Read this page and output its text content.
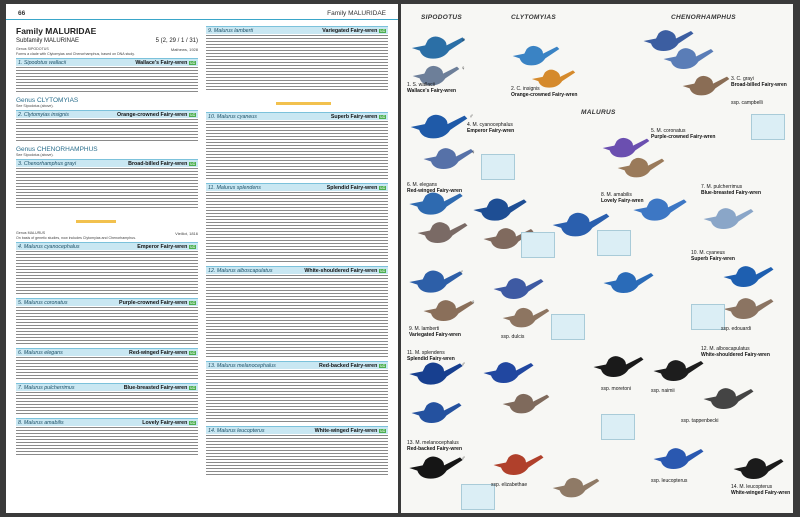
66	Family MALURIDAE
Family MALURIDAE
Subfamily MALURINAE	5 (2, 29 / 1 / 31)
Genus SIPODOTUS	Mathews, 1928
Forms a clade with Clytomyias and Chenorhamphus, based on DNA study.
1. Sipodotus wallacii	Wallace's Fairy-wren LC
Genus CLYTOMYIAS
See Sipodotus (above).
2. Clytomyias insignis	Orange-crowned Fairy-wren LC
Genus CHENORHAMPHUS
See Sipodotus (above).
3. Chenorhamphus grayi	Broad-billed Fairy-wren LC
Genus MALURUS	Vieillot, 1816
On basis of genetic studies, now includes Clytomyias and Chenorhamphus.
4. Malurus cyanocephalus	Emperor Fairy-wren LC
5. Malurus coronatus	Purple-crowned Fairy-wren LC
6. Malurus elegans	Red-winged Fairy-wren LC
7. Malurus pulcherrimus	Blue-breasted Fairy-wren LC
8. Malurus amabilis	Lovely Fairy-wren LC
9. Malurus lamberti	Variegated Fairy-wren LC
10. Malurus cyaneus	Superb Fairy-wren LC
11. Malurus splendens	Splendid Fairy-wren LC
12. Malurus alboscapulatus	White-shouldered Fairy-wren LC
13. Malurus melanocephalus	Red-backed Fairy-wren LC
14. Malurus leucopterus	White-winged Fairy-wren LC
SIPODOTUS	CLYTOMYIAS	CHENORHAMPHUS
MALURUS
1. S. wallacii
Wallace's Fairy-wren	2. C. insignis
Orange-crowned Fairy-wren
3. C. grayi
Broad-billed Fairy-wren
4. M. cyanocephalus
Emperor Fairy-wren	5. M. coronatus
Purple-crowned Fairy-wren
6. M. elegans
Red-winged Fairy-wren
7. M. pulcherrimus
Blue-breasted Fairy-wren
8. M. amabilis
Lovely Fairy-wren
9. M. lamberti
Variegated Fairy-wren
10. M. cyaneus
Superb Fairy-wren
11. M. splendens
Splendid Fairy-wren
12. M. alboscapulatus
White-shouldered Fairy-wren
13. M. melanocephalus
Red-backed Fairy-wren
14. M. leucopterus
White-winged Fairy-wren
ssp. campbelli
ssp. dulcis
ssp. leucopterus
ssp. edouardi
ssp. moretoni	ssp. naimii
ssp. elizabethae
ssp. tappenbecki
♂
♀
♂
♀
♂
♀
♂
♂
